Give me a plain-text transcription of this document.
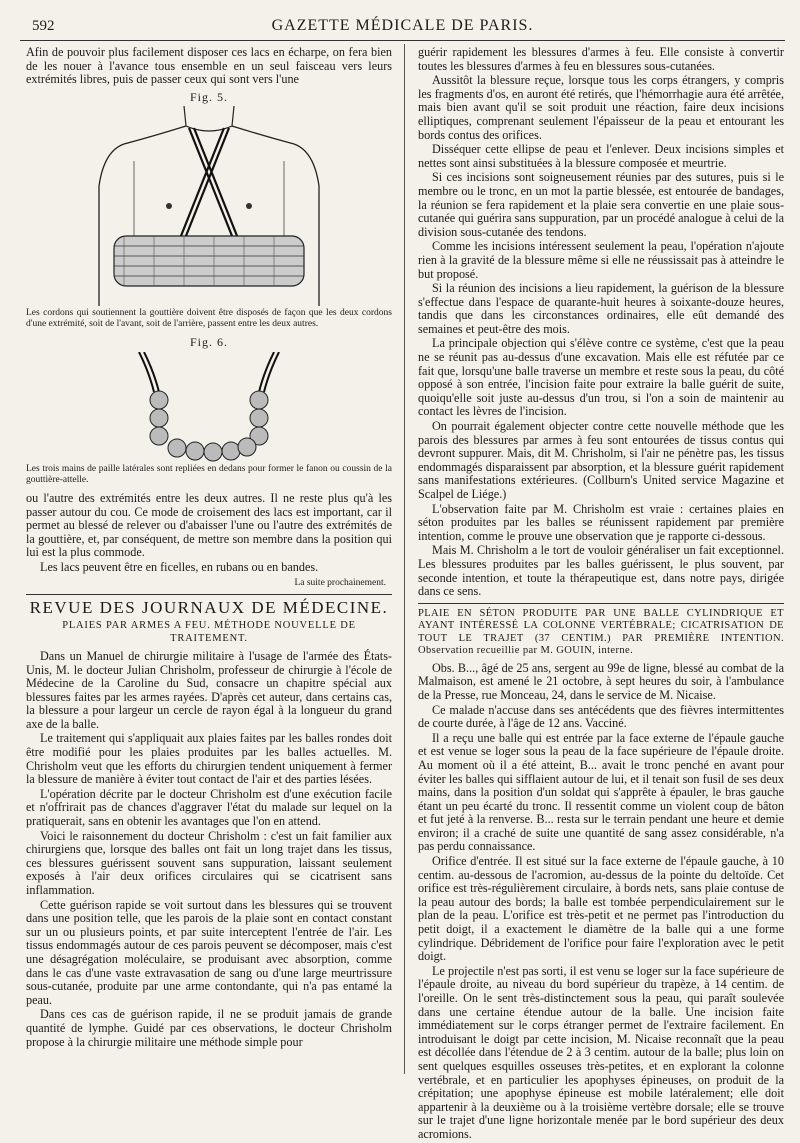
592	GAZETTE MÉDICALE DE PARIS.

Afin de pouvoir plus facilement disposer ces lacs en écharpe, on fera bien de les nouer à l'avance tous ensemble en un seul faisceau vers leurs extrémités libres, puis de passer ceux qui sont vers l'une

Fig. 5.

Les cordons qui soutiennent la gouttière doivent être disposés de façon que les deux cordons d'une extrémité, soit de l'avant, soit de l'arrière, passent entre les deux autres.

Fig. 6.

Les trois mains de paille latérales sont repliées en dedans pour former le fanon ou coussin de la gouttière-attelle.

ou l'autre des extrémités entre les deux autres. Il ne reste plus qu'à les passer autour du cou. Ce mode de croisement des lacs est important, car il permet au blessé de relever ou d'abaisser l'une ou l'autre des extrémités de la gouttière, et, par conséquent, de mettre son membre dans la position qui lui est la plus commode.

Les lacs peuvent être en ficelles, en rubans ou en bandes.

La suite prochainement.

REVUE DES JOURNAUX DE MÉDECINE.
PLAIES PAR ARMES A FEU. MÉTHODE NOUVELLE DE TRAITEMENT.

Dans un Manuel de chirurgie militaire à l'usage de l'armée des États-Unis, M. le docteur Julian Chrisholm, professeur de chirurgie à l'école de Médecine de la Caroline du Sud, consacre un chapitre spécial aux blessures faites par les armes rayées. D'après cet auteur, dans certains cas, la blessure a pour largeur un cercle de rayon égal à la longueur du grand axe de la balle.

Le traitement qui s'appliquait aux plaies faites par les balles rondes doit être modifié pour les plaies produites par les balles actuelles. M. Chrisholm veut que les efforts du chirurgien tendent uniquement à fermer la blessure de manière à éviter tout contact de l'air et des parties lésées.

L'opération décrite par le docteur Chrisholm est d'une exécution facile et n'offrirait pas de chances d'aggraver l'état du malade sur lequel on la pratiquerait, sans en obtenir les avantages que l'on en attend.

Voici le raisonnement du docteur Chrisholm : c'est un fait familier aux chirurgiens que, lorsque des balles ont fait un long trajet dans les tissus, ces blessures guérissent souvent sans suppuration, laissant seulement exposés à l'air deux orifices circulaires qui se cicatrisent sans inflammation.

Cette guérison rapide se voit surtout dans les blessures qui se trouvent dans une position telle, que les parois de la plaie sont en contact constant sur un ou plusieurs points, et par suite interceptent l'entrée de l'air. Les tissus endommagés autour de ces parois peuvent se décomposer, mais c'est une désagrégation moléculaire, se produisant avec absorption, comme dans le cas d'une vaste extravasation de sang ou d'une large meurtrissure sous-cutanée, produite par une arme contondante, qui n'a pas entamé la peau.

Dans ces cas de guérison rapide, il ne se produit jamais de grande quantité de lymphe. Guidé par ces observations, le docteur Chrisholm propose à la chirurgie militaire une méthode simple pour

guérir rapidement les blessures d'armes à feu. Elle consiste à convertir toutes les blessures d'armes à feu en blessures sous-cutanées.

Aussitôt la blessure reçue, lorsque tous les corps étrangers, y compris les fragments d'os, en auront été retirés, que l'hémorrhagie aura été arrêtée, mais bien avant qu'il se soit produit une réaction, faire deux incisions elliptiques, comprenant seulement l'épaisseur de la peau et entourant les bords contus des orifices.

Disséquer cette ellipse de peau et l'enlever. Deux incisions simples et nettes sont ainsi substituées à la blessure composée et meurtrie.

Si ces incisions sont soigneusement réunies par des sutures, puis si le membre ou le tronc, en un mot la partie blessée, est entourée de bandages, la réunion se fera rapidement et la plaie sera convertie en une plaie sous-cutanée qui guérira sans suppuration, par un procédé analogue à celui de la division sous-cutanée des tendons.

Comme les incisions intéressent seulement la peau, l'opération n'ajoute rien à la gravité de la blessure même si elle ne réussissait pas à atteindre le but proposé.

Si la réunion des incisions a lieu rapidement, la guérison de la blessure s'effectue dans l'espace de quarante-huit heures à soixante-douze heures, tandis que dans les circonstances ordinaires, elle eût demandé des semaines et peut-être des mois.

La principale objection qui s'élève contre ce système, c'est que la peau ne se réunit pas au-dessus d'une excavation. Mais elle est réfutée par ce fait que, lorsqu'une balle traverse un membre et reste sous la peau, du côté opposé à son entrée, l'incision faite pour extraire la balle guérit de suite, quoiqu'elle soit juste au-dessus d'un trou, si l'on a soin de maintenir au contact les lèvres de l'incision.

On pourrait également objecter contre cette nouvelle méthode que les parois des blessures par armes à feu sont entourées de tissus contus qui devront suppurer. Mais, dit M. Chrisholm, si l'air ne pénètre pas, les tissus endommagés disparaissent par absorption, et la blessure guérit rapidement sans manifestations extérieures. (Collburn's United service Magazine et Scalpel de Liége.)

L'observation faite par M. Chrisholm est vraie : certaines plaies en séton produites par les balles se réunissent rapidement par première intention, comme le prouve une observation que je rapporte ci-dessous.

Mais M. Chrisholm a le tort de vouloir généraliser un fait exceptionnel. Les blessures produites par les balles guérissent, le plus souvent, par seconde intention, et toute la thérapeutique est, dans notre pays, dirigée dans ce sens.

PLAIE EN SÉTON PRODUITE PAR UNE BALLE CYLINDRIQUE ET AYANT INTÉRESSÉ LA COLONNE VERTÉBRALE; CICATRISATION DE TOUT LE TRAJET (37 CENTIM.) PAR PREMIÈRE INTENTION. Observation recueillie par M. GOUIN, interne.

Obs. B..., âgé de 25 ans, sergent au 99e de ligne, blessé au combat de la Malmaison, est amené le 21 octobre, à sept heures du soir, à l'ambulance de la Presse, rue Monceau, 24, dans le service de M. Nicaise.

Ce malade n'accuse dans ses antécédents que des fièvres intermittentes de courte durée, à l'âge de 12 ans. Vacciné.

Il a reçu une balle qui est entrée par la face externe de l'épaule gauche et est venue se loger sous la peau de la face supérieure de l'épaule droite. Au moment où il a été atteint, B... avait le tronc penché en avant pour éviter les balles qui sifflaient autour de lui, et il tenait son fusil de ses deux mains, dans la position d'un soldat qui s'apprête à épauler, le bras gauche étant un peu écarté du tronc. Il ressentit comme un violent coup de bâton et fut jeté à la renverse. B... resta sur le terrain pendant une heure et demie environ; il a craché de suite une quantité de sang assez considérable, n'a pas perdu connaissance.

Orifice d'entrée. Il est situé sur la face externe de l'épaule gauche, à 10 centim. au-dessous de l'acromion, au-dessus de la pointe du deltoïde. Cet orifice est très-régulièrement circulaire, à bords nets, sans plaie contuse de la peau autour des bords; la balle est tombée perpendiculairement sur le plan de la peau. L'orifice est très-petit et ne permet pas l'introduction du petit doigt, il a exactement le diamètre de la balle qui a une forme cylindrique. Débridement de l'orifice pour faire l'exploration avec le petit doigt.

Le projectile n'est pas sorti, il est venu se loger sur la face supérieure de l'épaule droite, au niveau du bord supérieur du trapèze, à 14 centim. de l'oreille. On le sent très-distinctement sous la peau, qui paraît soulevée dans une certaine étendue autour de la balle. Une incision faite immédiatement sur le corps étranger permet de l'extraire facilement. En introduisant le doigt par cette incision, M. Nicaise reconnaît que la peau est décollée dans l'étendue de 2 à 3 centim. autour de la balle; plus loin on sent quelques esquilles osseuses très-petites, et en explorant la colonne vertébrale, et en particulier les apophyses épineuses, on produit de la crépitation; une apophyse épineuse est mobile latéralement; elle doit appartenir à la deuxième ou à la troisième vertèbre dorsale; elle se trouve sur le trajet d'une ligne horizontale menée par le bord supérieur des deux acromions.
